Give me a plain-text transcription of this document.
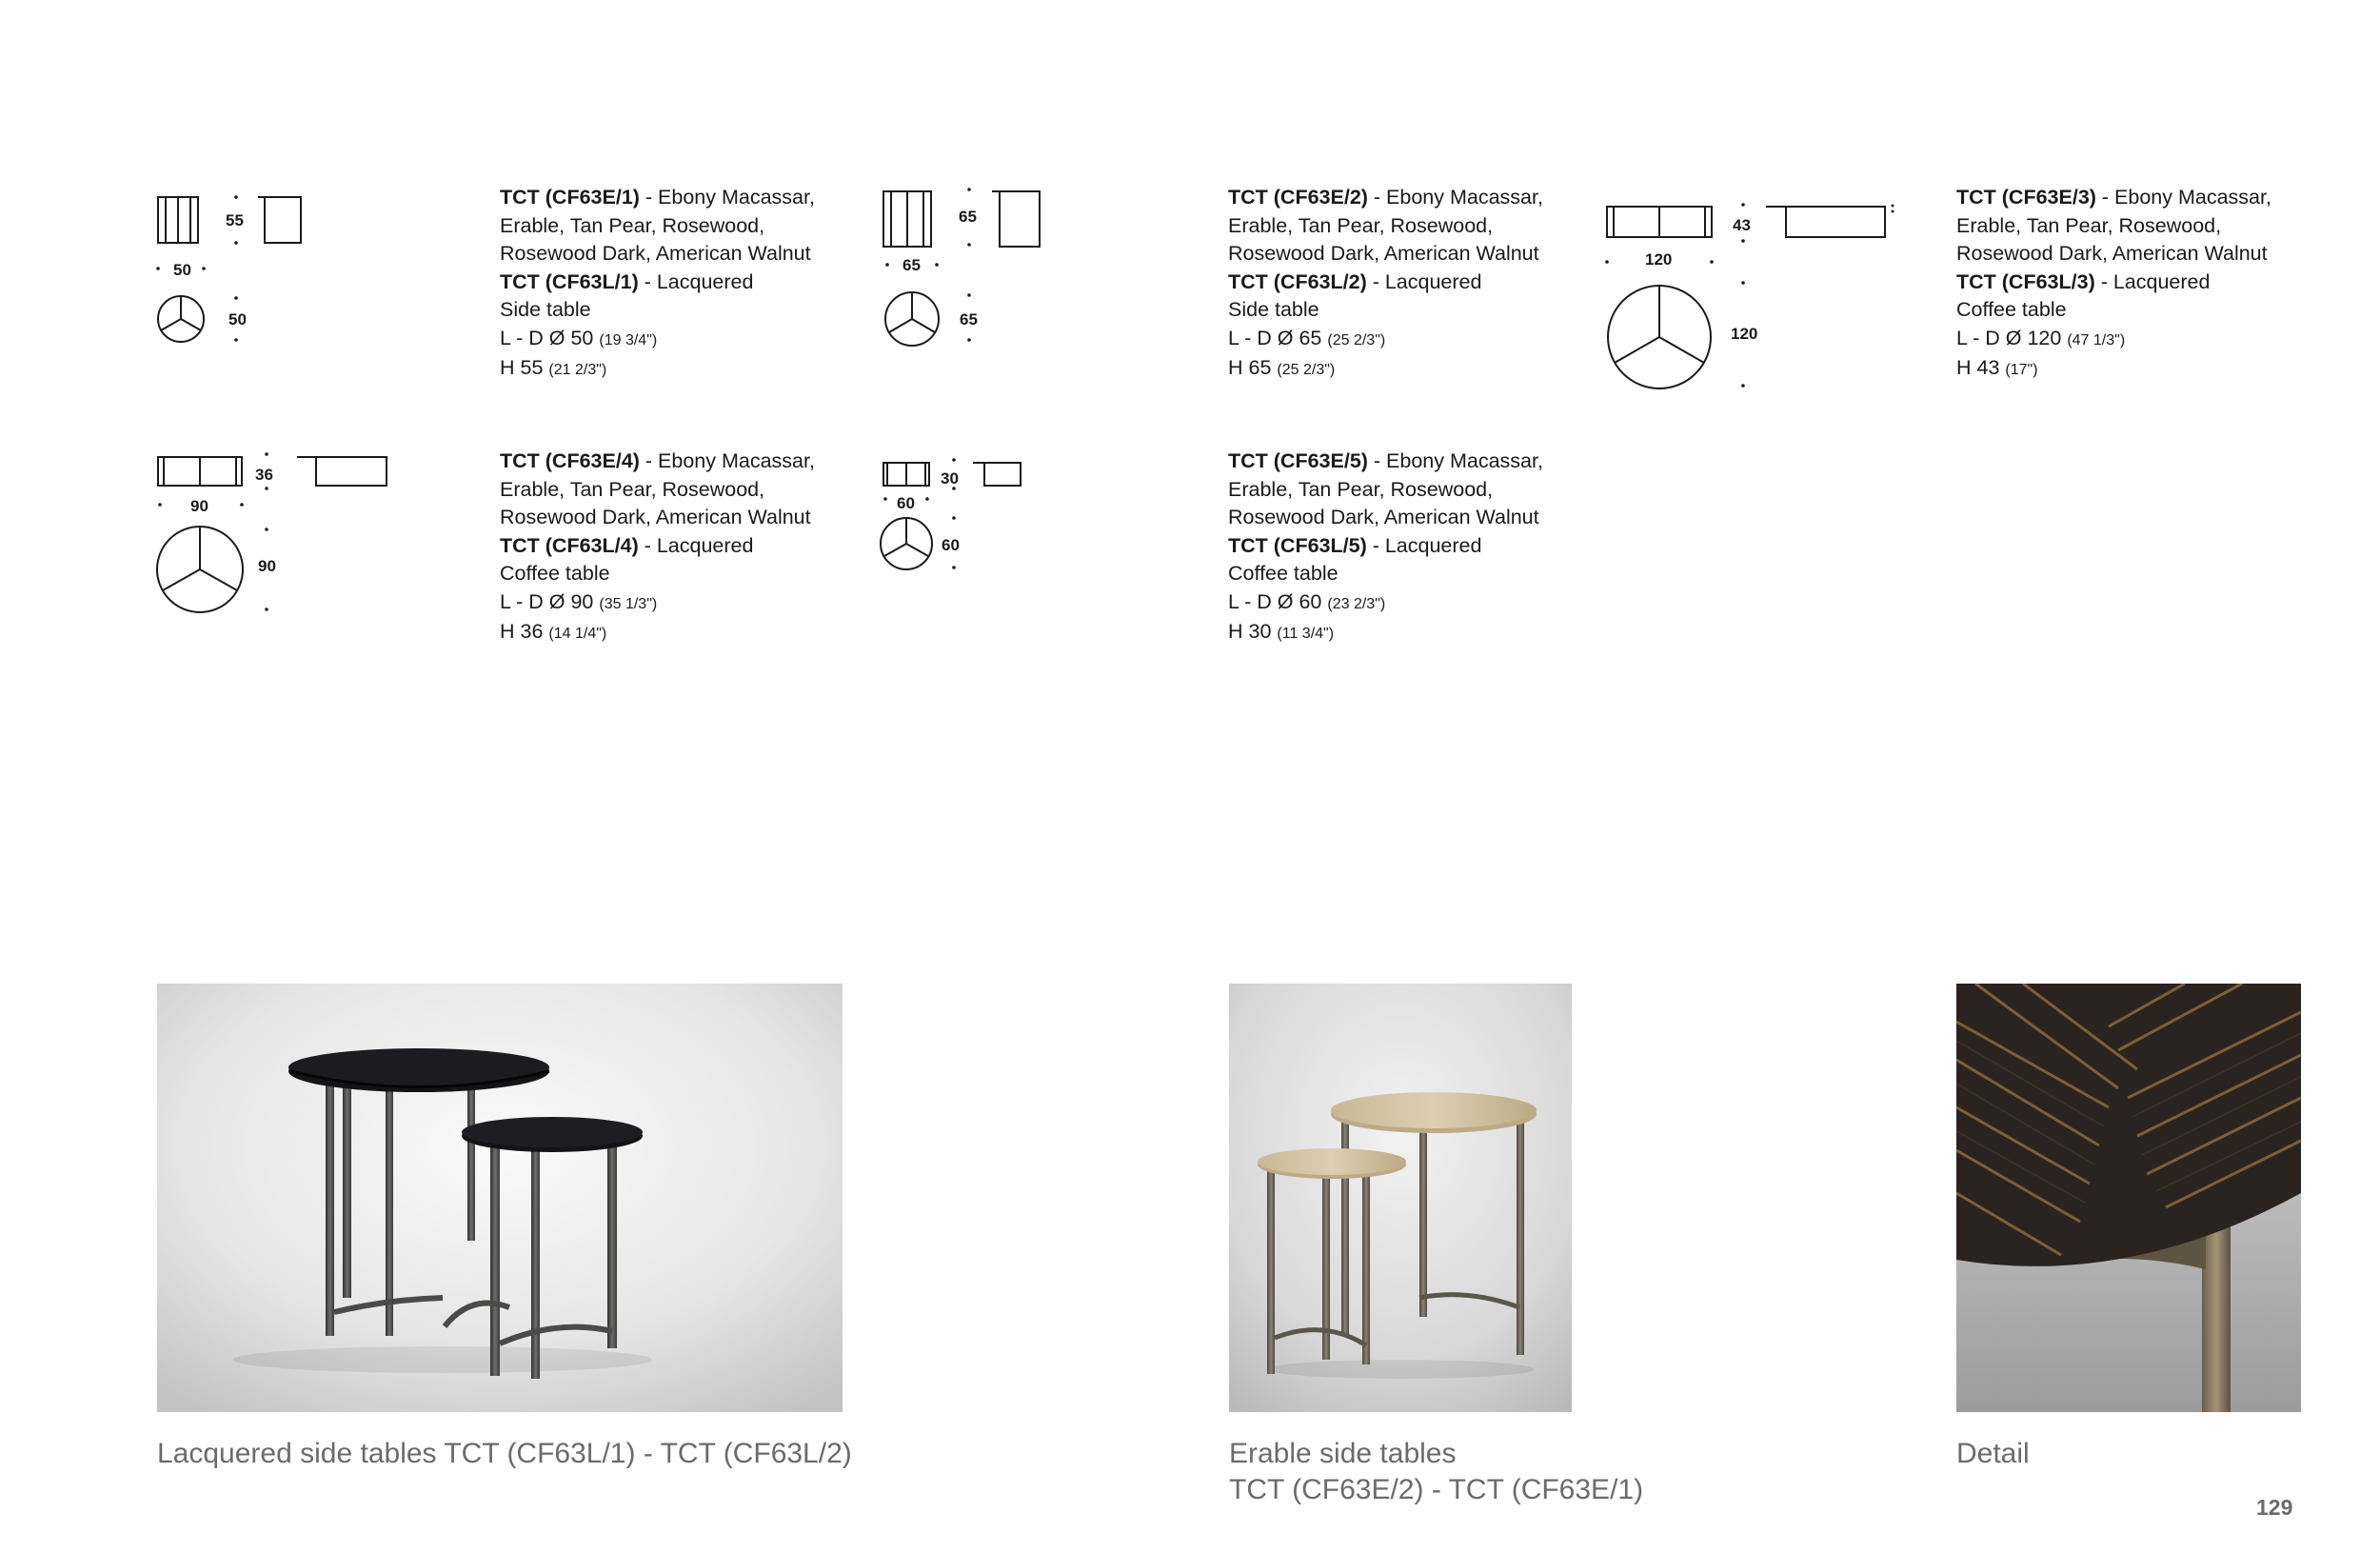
55
50
50
65
65
65
43
120
120
36
90
90
30
60
60
TCT (CF63E/1) - Ebony Macassar,
Erable, Tan Pear, Rosewood,
Rosewood Dark, American Walnut
TCT (CF63L/1) - Lacquered
Side table
L - D Ø 50 (19 3/4")
H 55 (21 2/3")
TCT (CF63E/2) - Ebony Macassar,
Erable, Tan Pear, Rosewood,
Rosewood Dark, American Walnut
TCT (CF63L/2) - Lacquered
Side table
L - D Ø 65 (25 2/3")
H 65 (25 2/3")
TCT (CF63E/3) - Ebony Macassar,
Erable, Tan Pear, Rosewood,
Rosewood Dark, American Walnut
TCT (CF63L/3) - Lacquered
Coffee table
L - D Ø 120 (47 1/3")
H 43 (17")
TCT (CF63E/4) - Ebony Macassar,
Erable, Tan Pear, Rosewood,
Rosewood Dark, American Walnut
TCT (CF63L/4) - Lacquered
Coffee table
L - D Ø 90 (35 1/3")
H 36 (14 1/4")
TCT (CF63E/5) - Ebony Macassar,
Erable, Tan Pear, Rosewood,
Rosewood Dark, American Walnut
TCT (CF63L/5) - Lacquered
Coffee table
L - D Ø 60 (23 2/3")
H 30 (11 3/4")
Lacquered side tables TCT (CF63L/1) - TCT (CF63L/2)	Erable side tables
TCT (CF63E/2) - TCT (CF63E/1)
Detail
129
